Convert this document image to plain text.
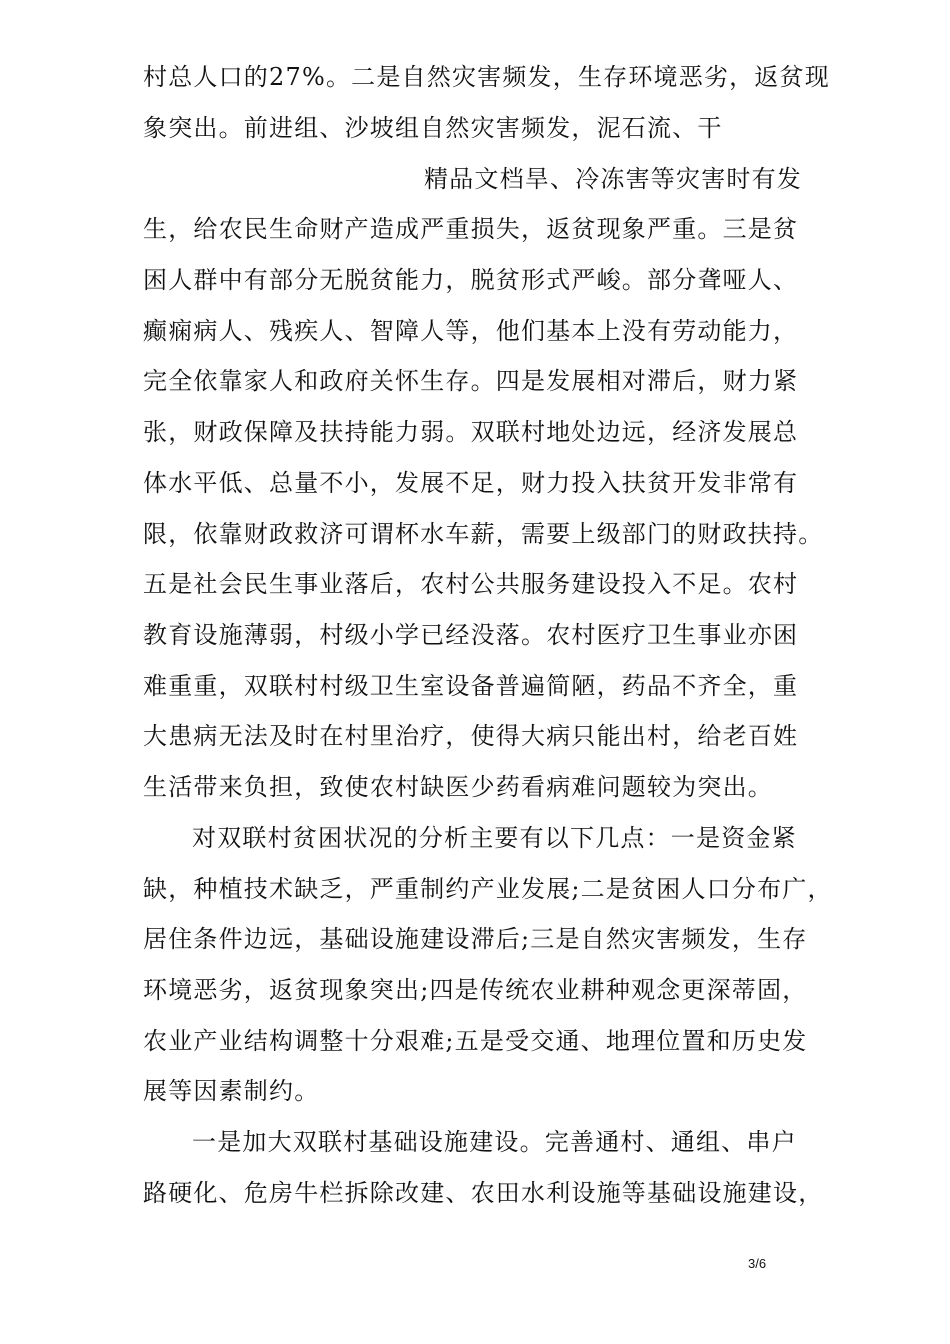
村总人口的27%。二是自然灾害频发，生存环境恶劣，返贫现
象突出。前进组、沙坡组自然灾害频发，泥石流、干
精品文档旱、冷冻害等灾害时有发
生，给农民生命财产造成严重损失，返贫现象严重。三是贫
困人群中有部分无脱贫能力，脱贫形式严峻。部分聋哑人、
癫痫病人、残疾人、智障人等，他们基本上没有劳动能力，
完全依靠家人和政府关怀生存。四是发展相对滞后，财力紧
张，财政保障及扶持能力弱。双联村地处边远，经济发展总
体水平低、总量不小，发展不足，财力投入扶贫开发非常有
限，依靠财政救济可谓杯水车薪，需要上级部门的财政扶持。
五是社会民生事业落后，农村公共服务建设投入不足。农村
教育设施薄弱，村级小学已经没落。农村医疗卫生事业亦困
难重重，双联村村级卫生室设备普遍简陋，药品不齐全，重
大患病无法及时在村里治疗，使得大病只能出村，给老百姓
生活带来负担，致使农村缺医少药看病难问题较为突出。
对双联村贫困状况的分析主要有以下几点：一是资金紧
缺，种植技术缺乏，严重制约产业发展;二是贫困人口分布广，
居住条件边远，基础设施建设滞后;三是自然灾害频发，生存
环境恶劣，返贫现象突出;四是传统农业耕种观念更深蒂固，
农业产业结构调整十分艰难;五是受交通、地理位置和历史发
展等因素制约。
一是加大双联村基础设施建设。完善通村、通组、串户
路硬化、危房牛栏拆除改建、农田水利设施等基础设施建设，
3/6
